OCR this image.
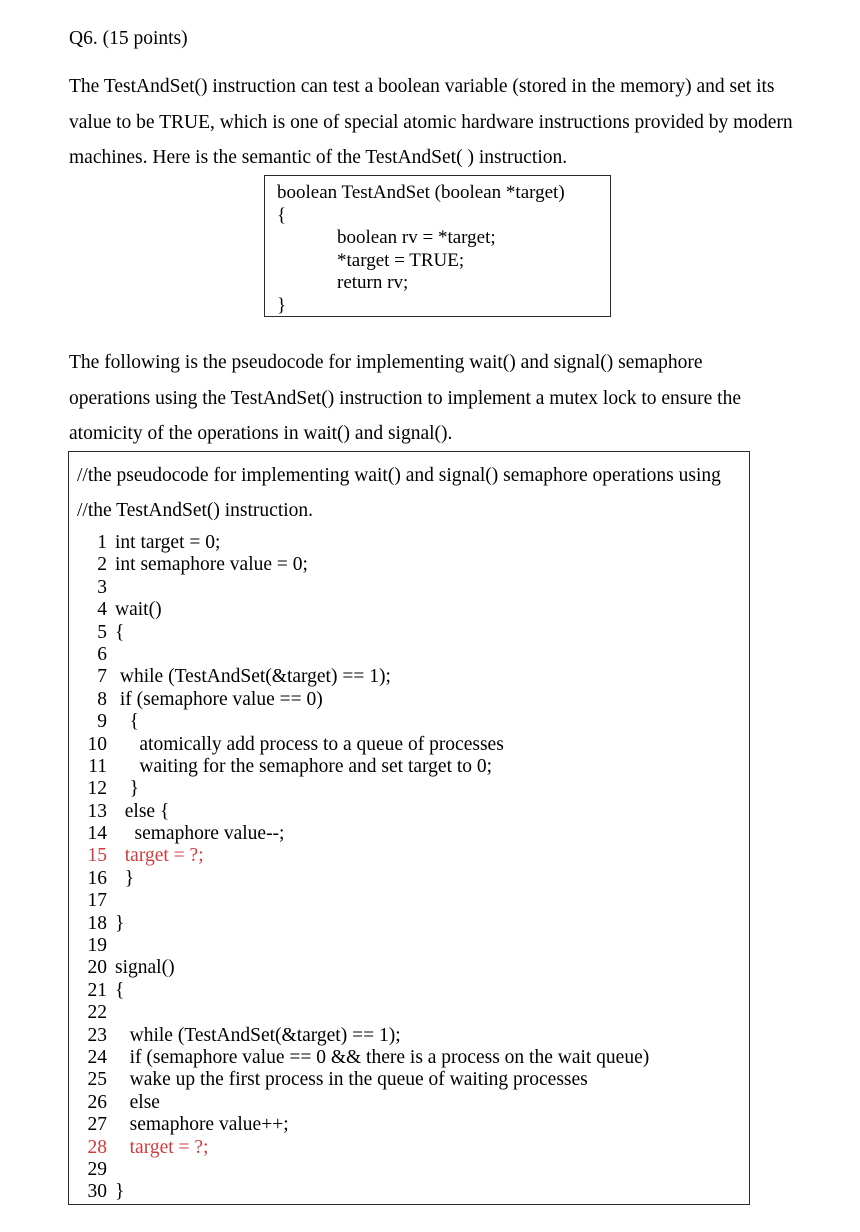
Q6. (15 points)
The TestAndSet() instruction can test a boolean variable (stored in the memory) and set its value to be TRUE, which is one of special atomic hardware instructions provided by modern machines. Here is the semantic of the TestAndSet( ) instruction.
boolean TestAndSet (boolean *target)
{
boolean rv = *target;
*target = TRUE;
return rv;
}
The following is the pseudocode for implementing wait() and signal() semaphore operations using the TestAndSet() instruction to implement a mutex lock to ensure the atomicity of the operations in wait() and signal().
//the pseudocode for implementing wait() and signal() semaphore operations using
//the TestAndSet() instruction.
1 int target = 0;
2 int semaphore value = 0;
3
4 wait()
5 {
6
7 while (TestAndSet(&target) == 1);
8 if (semaphore value == 0)
9 {
10 atomically add process to a queue of processes
11 waiting for the semaphore and set target to 0;
12 }
13 else {
14 semaphore value--;
15 target = ?;
16 }
17
18 }
19
20 signal()
21 {
22
23 while (TestAndSet(&target) == 1);
24 if (semaphore value == 0 && there is a process on the wait queue)
25 wake up the first process in the queue of waiting processes
26 else
27 semaphore value++;
28 target = ?;
29
30 }
